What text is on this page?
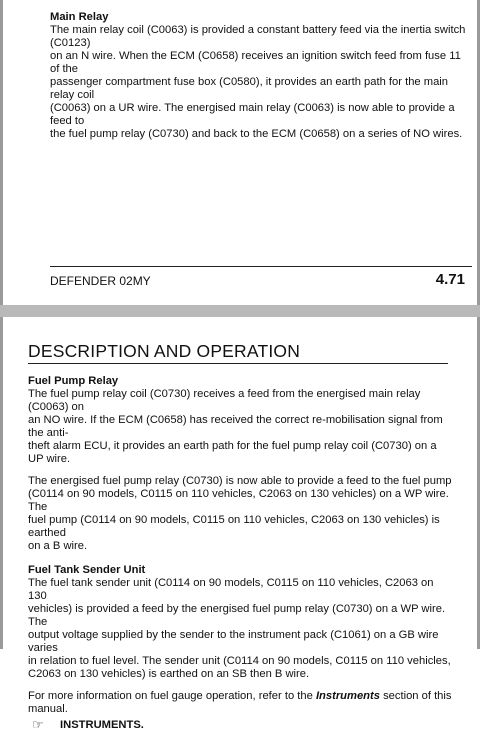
Main Relay

The main relay coil (C0063) is provided a constant battery feed via the inertia switch (C0123)
on an N wire. When the ECM (C0658) receives an ignition switch feed from fuse 11 of the
passenger compartment fuse box (C0580), it provides an earth path for the main relay coil
(C0063) on a UR wire. The energised main relay (C0063) is now able to provide a feed to
the fuel pump relay (C0730) and back to the ECM (C0658) on a series of NO wires.

DEFENDER 02MY	4.71
DESCRIPTION AND OPERATION

Fuel Pump Relay

The fuel pump relay coil (C0730) receives a feed from the energised main relay (C0063) on
an NO wire. If the ECM (C0658) has received the correct re-mobilisation signal from the anti-
theft alarm ECU, it provides an earth path for the fuel pump relay coil (C0730) on a UP wire.

The energised fuel pump relay (C0730) is now able to provide a feed to the fuel pump
(C0114 on 90 models, C0115 on 110 vehicles, C2063 on 130 vehicles) on a WP wire. The
fuel pump (C0114 on 90 models, C0115 on 110 vehicles, C2063 on 130 vehicles) is earthed
on a B wire.

Fuel Tank Sender Unit

The fuel tank sender unit (C0114 on 90 models, C0115 on 110 vehicles, C2063 on 130
vehicles) is provided a feed by the energised fuel pump relay (C0730) on a WP wire. The
output voltage supplied by the sender to the instrument pack (C1061) on a GB wire varies
in relation to fuel level. The sender unit (C0114 on 90 models, C0115 on 110 vehicles,
C2063 on 130 vehicles) is earthed on an SB then B wire.

For more information on fuel gauge operation, refer to the Instruments section of this
manual.

☞	INSTRUMENTS.
